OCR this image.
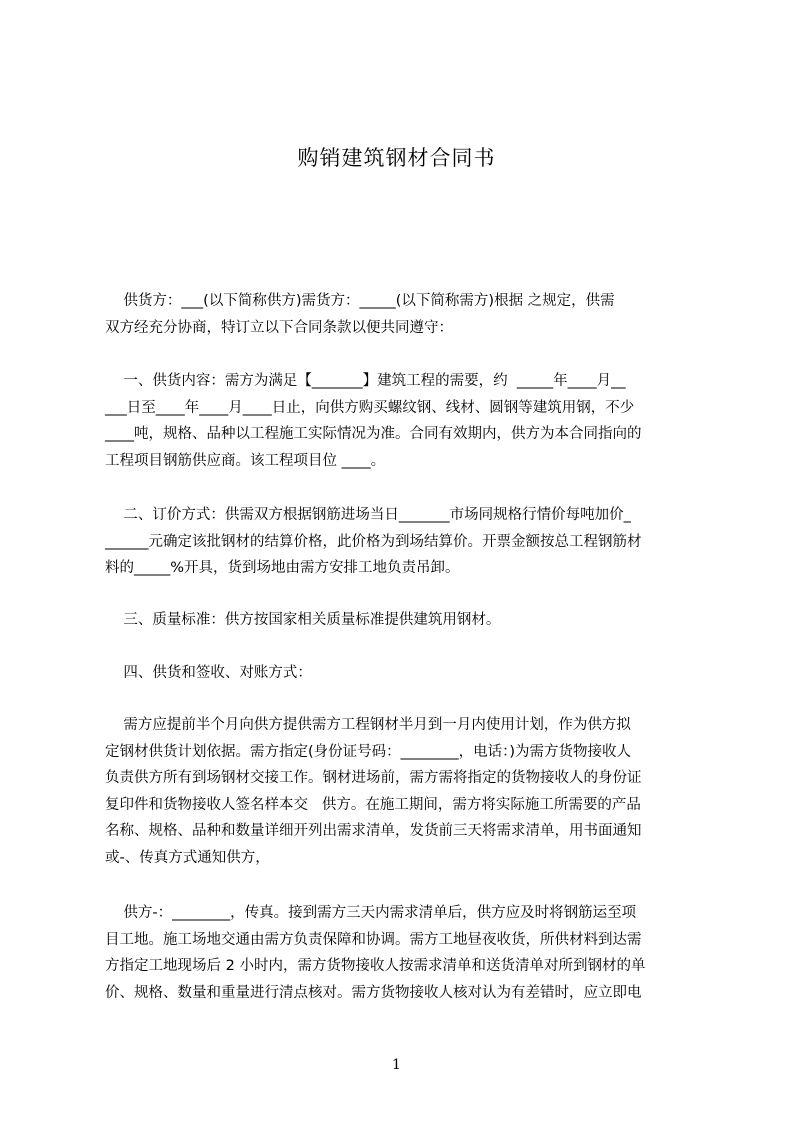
购销建筑钢材合同书
供货方：___(以下简称供方)需货方：_____(以下简称需方)根据 之规定，供需
双方经充分协商，特订立以下合同条款以便共同遵守：
一、供货内容：需方为满足【_______】建筑工程的需要，约  _____年____月__
___日至____年____月____日止，向供方购买螺纹钢、线材、圆钢等建筑用钢，不少
____吨，规格、品种以工程施工实际情况为准。合同有效期内，供方为本合同指向的
工程项目钢筋供应商。该工程项目位 ____。
二、订价方式：供需双方根据钢筋进场当日_______市场同规格行情价每吨加价_
______元确定该批钢材的结算价格，此价格为到场结算价。开票金额按总工程钢筋材
料的_____%开具，货到场地由需方安排工地负责吊卸。
三、质量标准：供方按国家相关质量标准提供建筑用钢材。
四、供货和签收、对账方式：
需方应提前半个月向供方提供需方工程钢材半月到一月内使用计划，作为供方拟
定钢材供货计划依据。需方指定(身份证号码：________，电话：)为需方货物接收人
负责供方所有到场钢材交接工作。钢材进场前，需方需将指定的货物接收人的身份证
复印件和货物接收人签名样本交   供方。在施工期间，需方将实际施工所需要的产品
名称、规格、品种和数量详细开列出需求清单，发货前三天将需求清单，用书面通知
或-、传真方式通知供方，
供方-：________，传真。接到需方三天内需求清单后，供方应及时将钢筋运至项
目工地。施工场地交通由需方负责保障和协调。需方工地昼夜收货，所供材料到达需
方指定工地现场后 2 小时内，需方货物接收人按需求清单和送货清单对所到钢材的单
价、规格、数量和重量进行清点核对。需方货物接收人核对认为有差错时，应立即电
1
